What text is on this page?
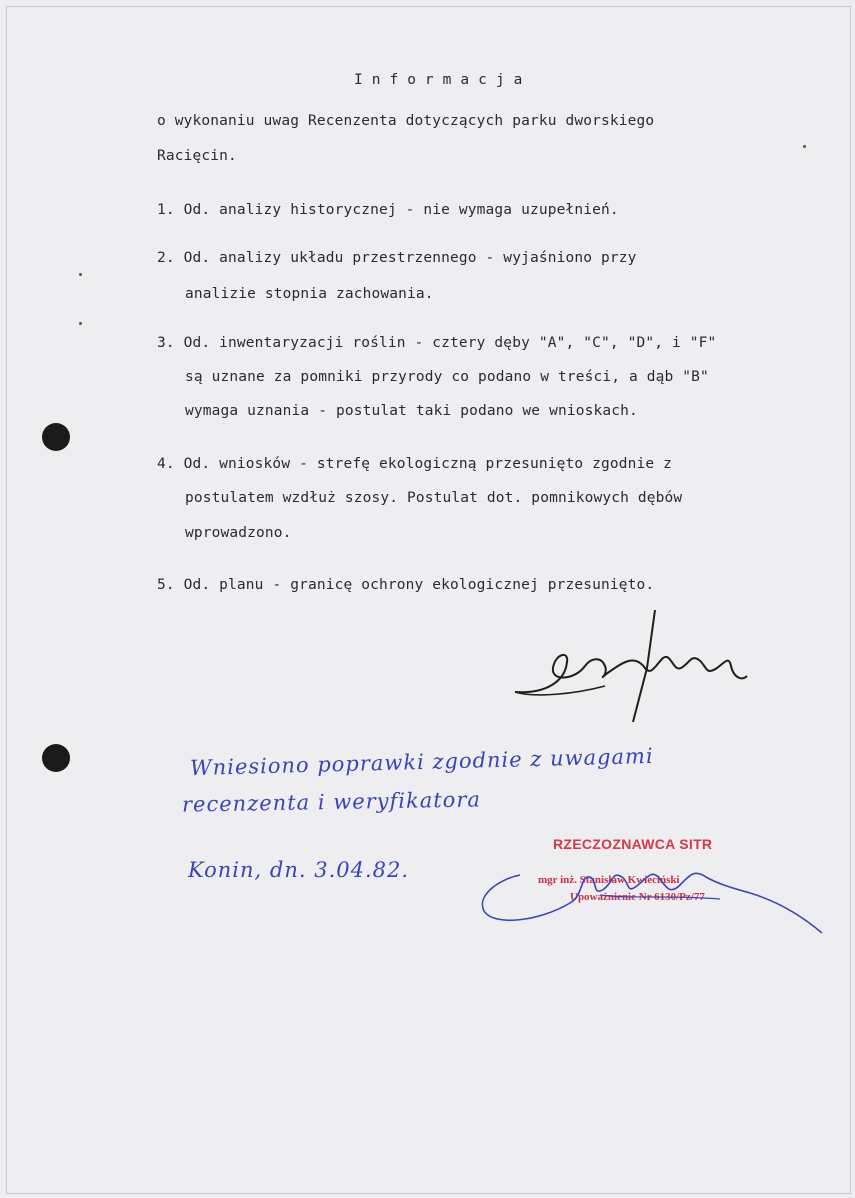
Informacja
o wykonaniu uwag Recenzenta dotyczących parku dworskiego
Racięcin.
1. Od. analizy historycznej - nie wymaga uzupełnień.
2. Od. analizy układu przestrzennego - wyjaśniono przy
analizie stopnia zachowania.
3. Od. inwentaryzacji roślin - cztery dęby "A", "C", "D", i "F"
są uznane za pomniki przyrody co podano w treści, a dąb "B"
wymaga uznania - postulat taki podano we wnioskach.
4. Od. wniosków - strefę ekologiczną przesunięto zgodnie z
postulatem wzdłuż szosy. Postulat dot. pomnikowych dębów
wprowadzono.
5. Od. planu - granicę ochrony ekologicznej przesunięto.
Wniesiono poprawki zgodnie z uwagami
recenzenta i weryfikatora
Konin, dn. 3.04.82.
RZECZOZNAWCA SITR
mgr inż. Stanisław Kwieciński
Upoważnienie Nr 6130/Pz/77
